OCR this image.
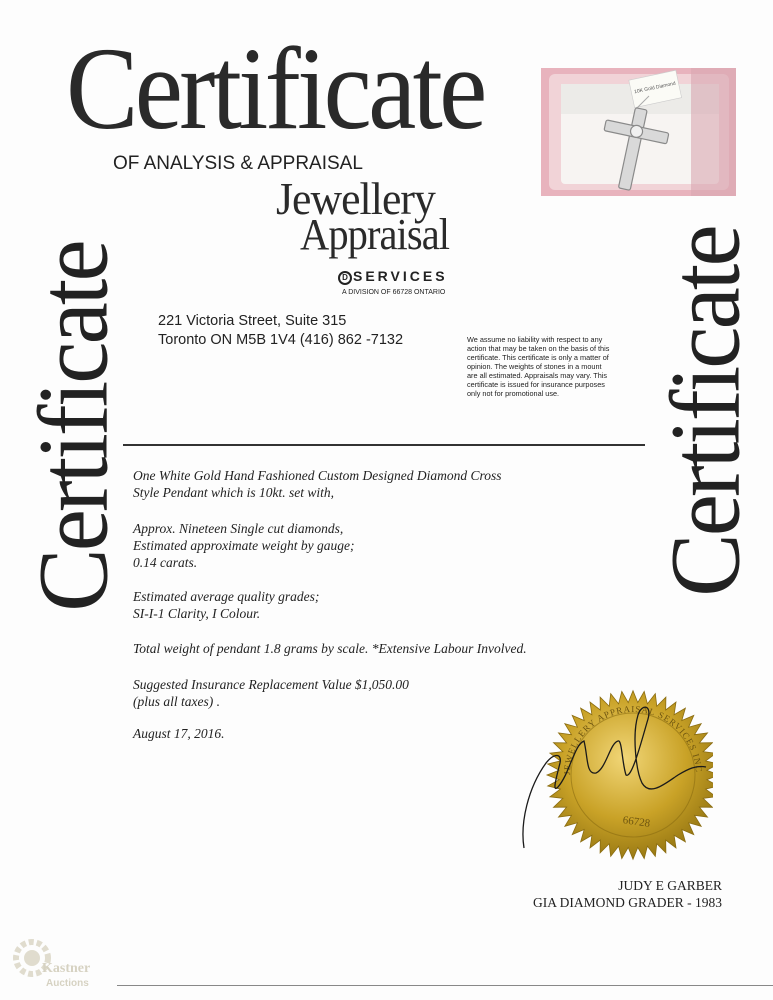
Certificate
OF ANALYSIS & APPRAISAL
Jewellery
Appraisal
D SERVICES
A DIVISION OF 66728 ONTARIO
10K Gold Diamond
Certificate	Certificate
221 Victoria Street, Suite 315
Toronto ON M5B 1V4 (416) 862 -7132	We assume no liability with respect to any
action that may be taken on the basis of this
certificate. This certificate is only a matter of
opinion. The weights of stones in a mount
are all estimated. Appraisals may vary. This
certificate is issued for insurance purposes
only not for promotional use.
One White Gold Hand Fashioned Custom Designed Diamond Cross
Style Pendant which is 10kt. set with,
Approx. Nineteen Single cut diamonds,
Estimated approximate weight by gauge;
0.14 carats.
Estimated average quality grades;
SI-I-1 Clarity, I Colour.
Total weight of pendant 1.8 grams by scale. *Extensive Labour Involved.
Suggested Insurance Replacement Value $1,050.00
(plus all taxes) .
August 17, 2016.
JEWELLERY APPRAISAL SERVICES INC
66728
JUDY E GARBER
GIA DIAMOND GRADER - 1983
Kastner
Auctions
